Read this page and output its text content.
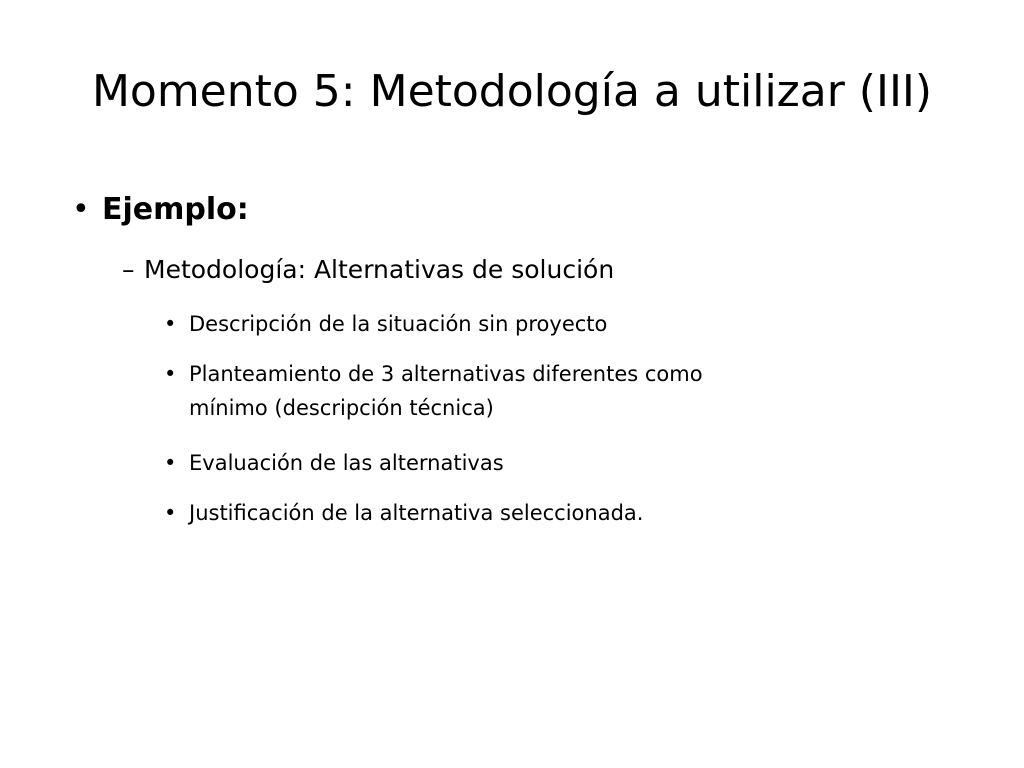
Momento 5: Metodología a utilizar (III)
• Ejemplo:
– Metodología: Alternativas de solución
• Descripción de la situación sin proyecto
• Planteamiento de 3 alternativas diferentes como
mínimo (descripción técnica)
• Evaluación de las alternativas
• Justificación de la alternativa seleccionada.
